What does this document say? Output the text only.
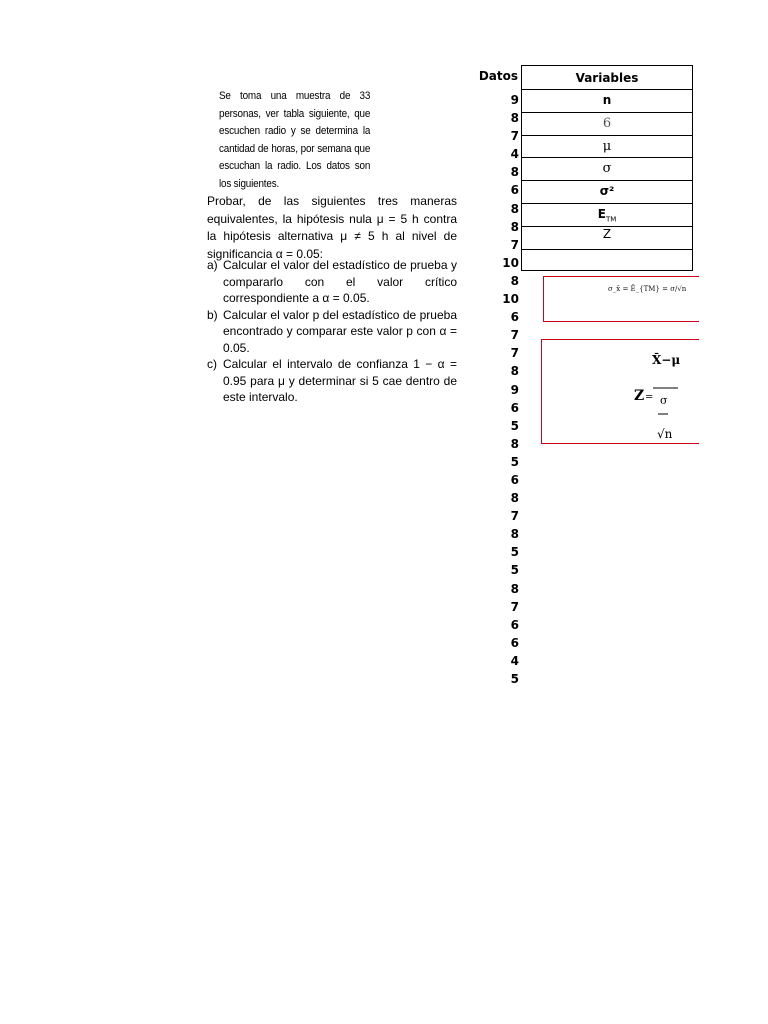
Se toma una muestra de 33 personas, ver tabla siguiente, que escuchen radio y se determina la cantidad de horas, por semana que escuchan la radio. Los datos son los siguientes.
Probar, de las siguientes tres maneras equivalentes, la hipótesis nula μ = 5 h contra la hipótesis alternativa μ ≠ 5 h al nivel de significancia α = 0.05:
a) Calcular el valor del estadístico de prueba y compararlo con el valor crítico correspondiente a α = 0.05.
b) Calcular el valor p del estadístico de prueba encontrado y comparar este valor p con α = 0.05.
c) Calcular el intervalo de confianza 1 − α = 0.95 para μ y determinar si 5 cae dentro de este intervalo.
Datos
9
8
7
4
8
6
8
8
7
10
8
10
6
7
7
8
9
6
5
8
5
6
8
7
8
5
5
8
7
6
6
4
5
Variables
n
6
μ
σ
σ²
$E_{TM}$
Z
σ_x̄ = Ê_{TM} = σ/√n
Z =
X̄−μ
σ
√n
